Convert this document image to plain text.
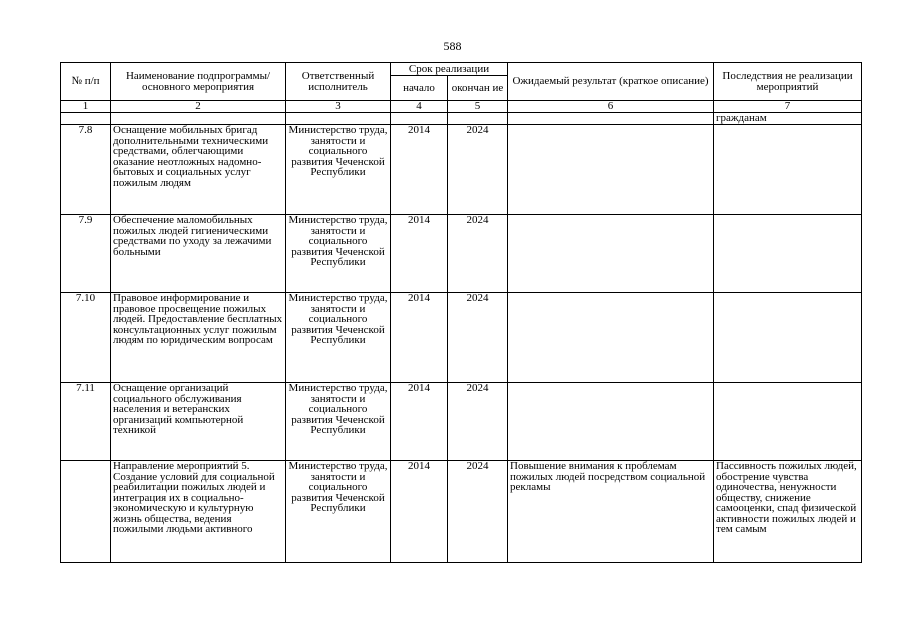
588
№ п/п	Наименование подпрограммы/ основного мероприятия	Ответственный исполнитель	Срок реализации		Ожидаемый результат (краткое описание)	Последствия не реализации мероприятий
			начало	окончан ие		
1	2	3	4	5	6	7
						гражданам
7.8	Оснащение мобильных бригад дополнительными техническими средствами, облегчающими оказание неотложных надомно-бытовых и социальных услуг пожилым людям	Министерство труда, занятости и социального развития Чеченской Республики	2014	2024		
7.9	Обеспечение маломобильных пожилых людей гигиеническими средствами по уходу за лежачими больными	Министерство труда, занятости и социального развития Чеченской Республики	2014	2024		
7.10	Правовое информирование и правовое просвещение пожилых людей. Предоставление бесплатных консультационных услуг пожилым людям по юридическим вопросам	Министерство труда, занятости и социального развития Чеченской Республики	2014	2024		
7.11	Оснащение организаций социального обслуживания населения и ветеранских организаций компьютерной техникой	Министерство труда, занятости и социального развития Чеченской Республики	2014	2024		
	Направление мероприятий 5. Создание условий для социальной реабилитации пожилых людей и интеграция их в социально-экономическую и культурную жизнь общества, ведения пожилыми людьми активного	Министерство труда, занятости и социального развития Чеченской Республики	2014	2024	Повышение внимания к проблемам пожилых людей посредством социальной рекламы	Пассивность пожилых людей, обострение чувства одиночества, ненужности обществу, снижение самооценки, спад физической активности пожилых людей и тем самым
